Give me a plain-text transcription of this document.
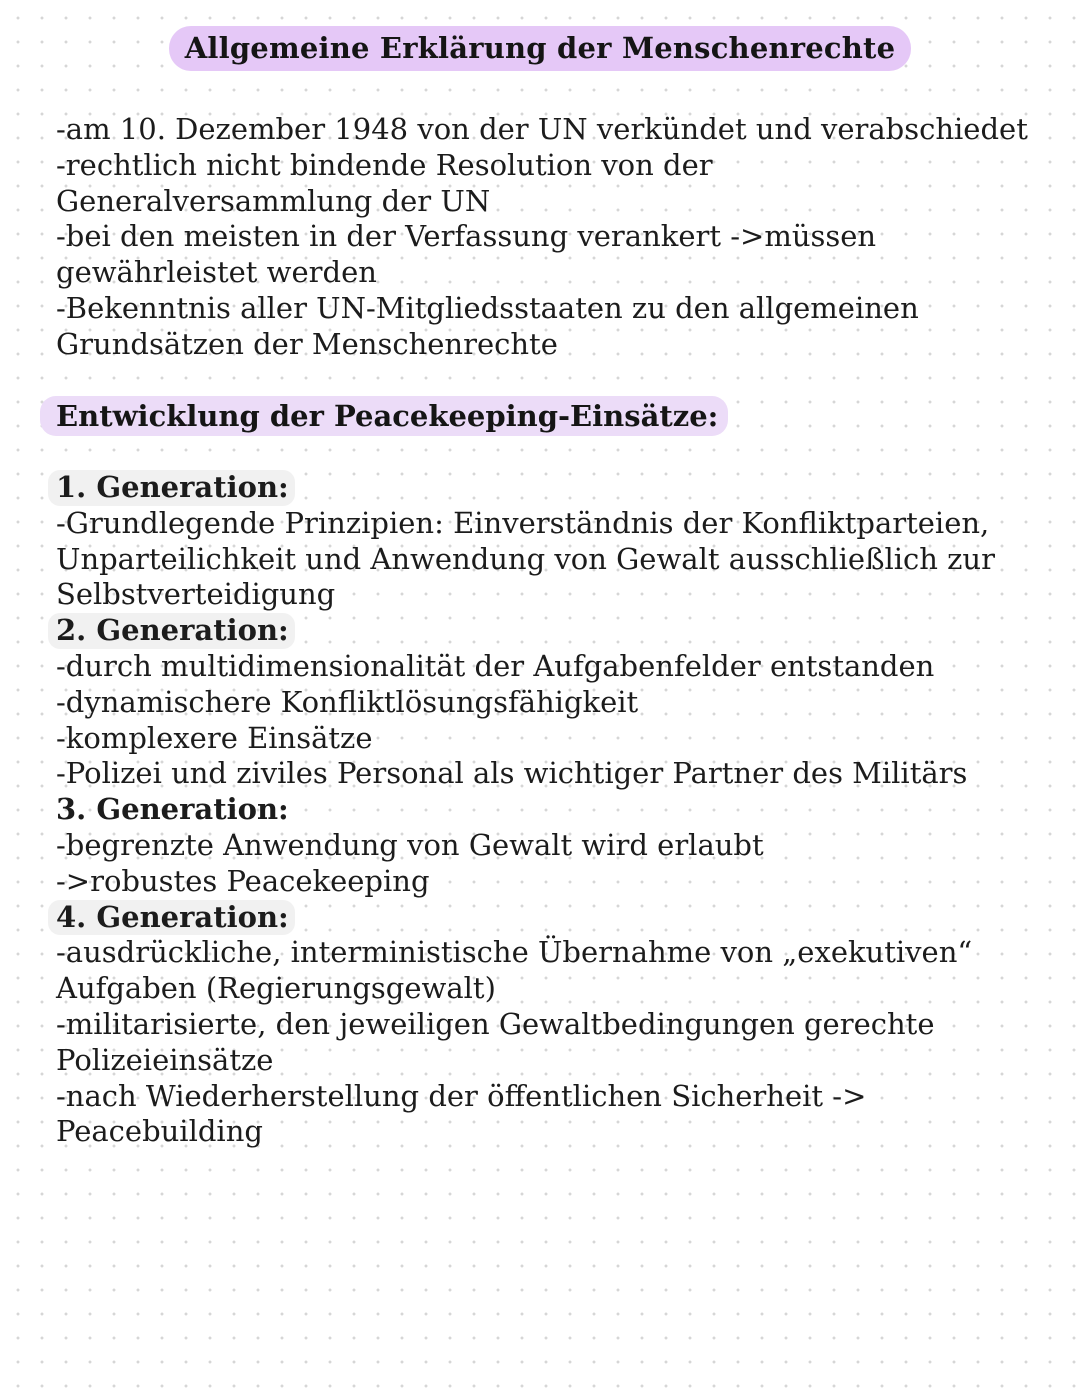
Allgemeine Erklärung der Menschenrechte
-am 10. Dezember 1948 von der UN verkündet und verabschiedet
-rechtlich nicht bindende Resolution von der
Generalversammlung der UN
-bei den meisten in der Verfassung verankert ->müssen
gewährleistet werden
-Bekenntnis aller UN-Mitgliedsstaaten zu den allgemeinen
Grundsätzen der Menschenrechte
Entwicklung der Peacekeeping-Einsätze:
1. Generation:
-Grundlegende Prinzipien: Einverständnis der Konfliktparteien,
Unparteilichkeit und Anwendung von Gewalt ausschließlich zur
Selbstverteidigung
2. Generation:
-durch multidimensionalität der Aufgabenfelder entstanden
-dynamischere Konfliktlösungsfähigkeit
-komplexere Einsätze
-Polizei und ziviles Personal als wichtiger Partner des Militärs
3. Generation:
-begrenzte Anwendung von Gewalt wird erlaubt
->robustes Peacekeeping
4. Generation:
-ausdrückliche, interministische Übernahme von „exekutiven“
Aufgaben (Regierungsgewalt)
-militarisierte, den jeweiligen Gewaltbedingungen gerechte
Polizeieinsätze
-nach Wiederherstellung der öffentlichen Sicherheit ->
Peacebuilding
